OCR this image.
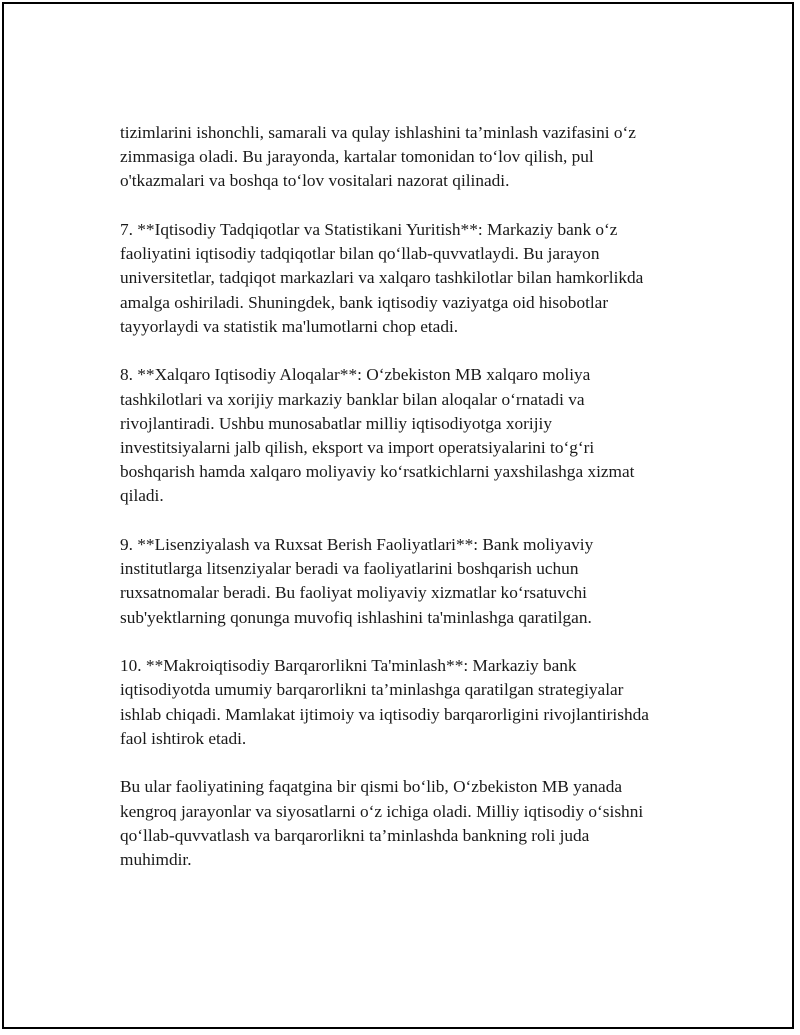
tizimlarini ishonchli, samarali va qulay ishlashini ta’minlash vazifasini o‘z
zimmasiga oladi. Bu jarayonda, kartalar tomonidan to‘lov qilish, pul
o'tkazmalari va boshqa to‘lov vositalari nazorat qilinadi.

7. **Iqtisodiy Tadqiqotlar va Statistikani Yuritish**: Markaziy bank o‘z
faoliyatini iqtisodiy tadqiqotlar bilan qo‘llab-quvvatlaydi. Bu jarayon
universitetlar, tadqiqot markazlari va xalqaro tashkilotlar bilan hamkorlikda
amalga oshiriladi. Shuningdek, bank iqtisodiy vaziyatga oid hisobotlar
tayyorlaydi va statistik ma'lumotlarni chop etadi.

8. **Xalqaro Iqtisodiy Aloqalar**: O‘zbekiston MB xalqaro moliya
tashkilotlari va xorijiy markaziy banklar bilan aloqalar o‘rnatadi va
rivojlantiradi. Ushbu munosabatlar milliy iqtisodiyotga xorijiy
investitsiyalarni jalb qilish, eksport va import operatsiyalarini to‘g‘ri
boshqarish hamda xalqaro moliyaviy ko‘rsatkichlarni yaxshilashga xizmat
qiladi.

9. **Lisenziyalash va Ruxsat Berish Faoliyatlari**: Bank moliyaviy
institutlarga litsenziyalar beradi va faoliyatlarini boshqarish uchun
ruxsatnomalar beradi. Bu faoliyat moliyaviy xizmatlar ko‘rsatuvchi
sub'yektlarning qonunga muvofiq ishlashini ta'minlashga qaratilgan.

10. **Makroiqtisodiy Barqarorlikni Ta'minlash**: Markaziy bank
iqtisodiyotda umumiy barqarorlikni ta’minlashga qaratilgan strategiyalar
ishlab chiqadi. Mamlakat ijtimoiy va iqtisodiy barqarorligini rivojlantirishda
faol ishtirok etadi.

Bu ular faoliyatining faqatgina bir qismi bo‘lib, O‘zbekiston MB yanada
kengroq jarayonlar va siyosatlarni o‘z ichiga oladi. Milliy iqtisodiy o‘sishni
qo‘llab-quvvatlash va barqarorlikni ta’minlashda bankning roli juda
muhimdir.
